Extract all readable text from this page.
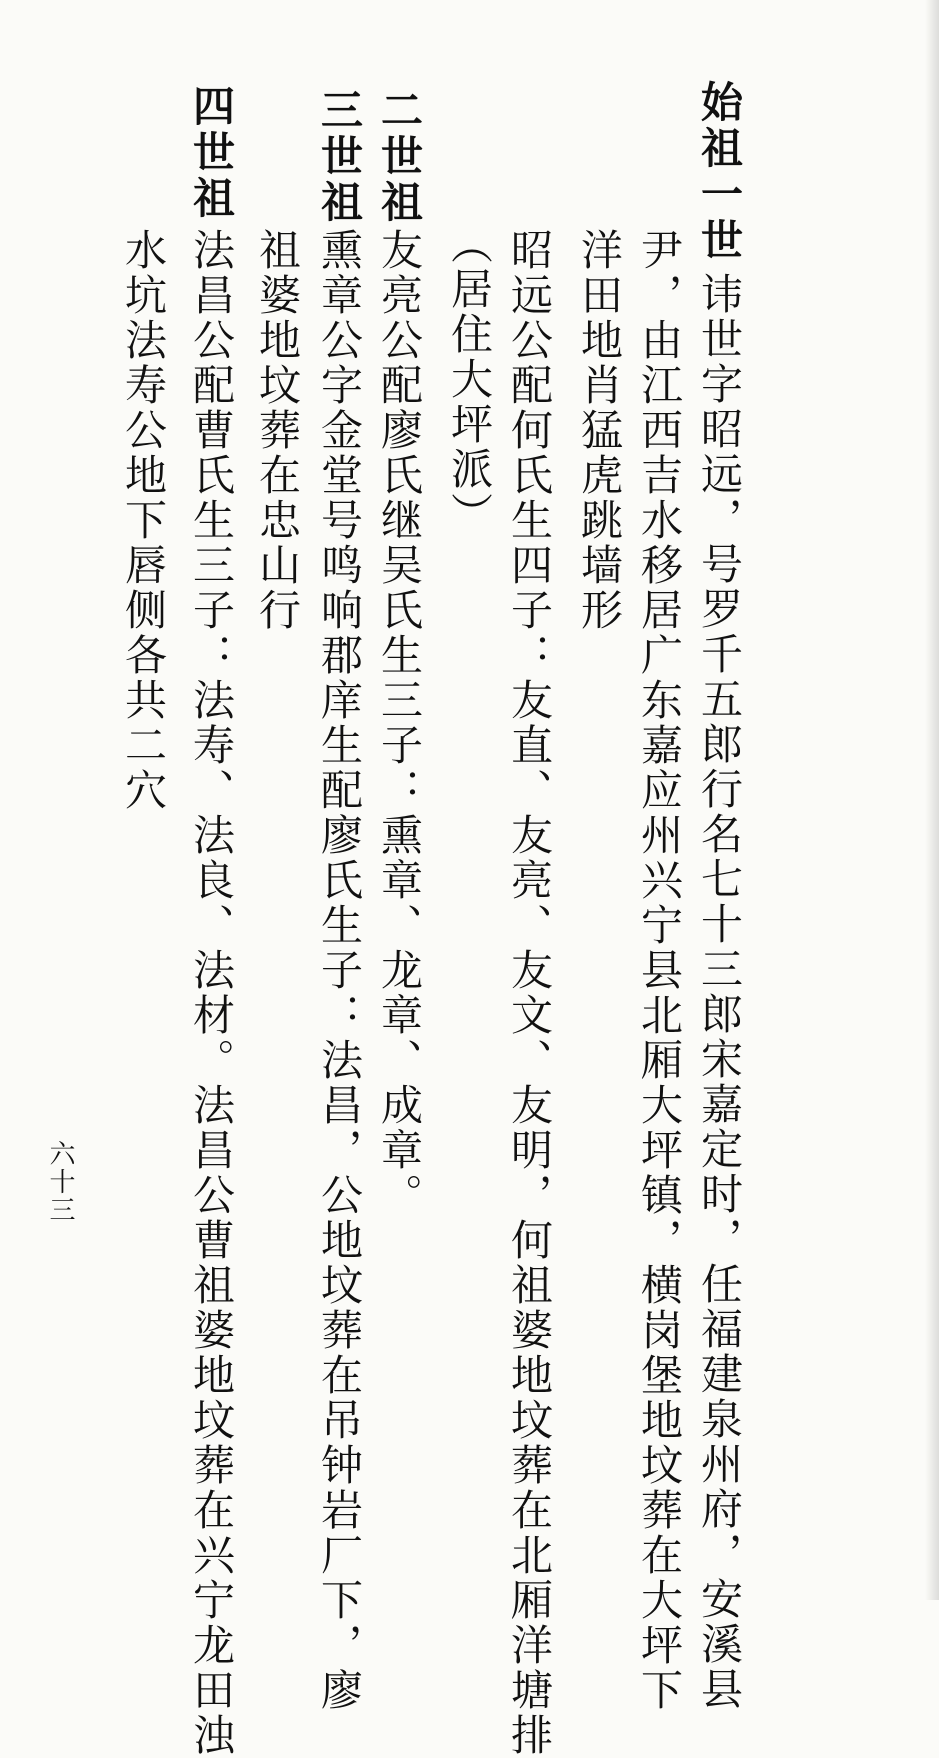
始祖一世
讳世字昭远，号罗千五郎行名七十三郎宋嘉定时，任福建泉州府，安溪县
尹，由江西吉水移居广东嘉应州兴宁县北厢大坪镇，横岗堡地坟葬在大坪下
洋田地肖猛虎跳墙形
昭远公配何氏生四子：友直、友亮、友文、友明，何祖婆地坟葬在北厢洋塘排
（居住大坪派）
二世祖
友亮公配廖氏继吴氏生三子：熏章、龙章、成章。
三世祖
熏章公字金堂号鸣响郡庠生配廖氏生子：法昌，公地坟葬在吊钟岩厂下，廖
祖婆地坟葬在忠山行
四世祖
法昌公配曹氏生三子：法寿、法良、法材。法昌公曹祖婆地坟葬在兴宁龙田浊
水坑法寿公地下唇侧各共二穴
六十三
